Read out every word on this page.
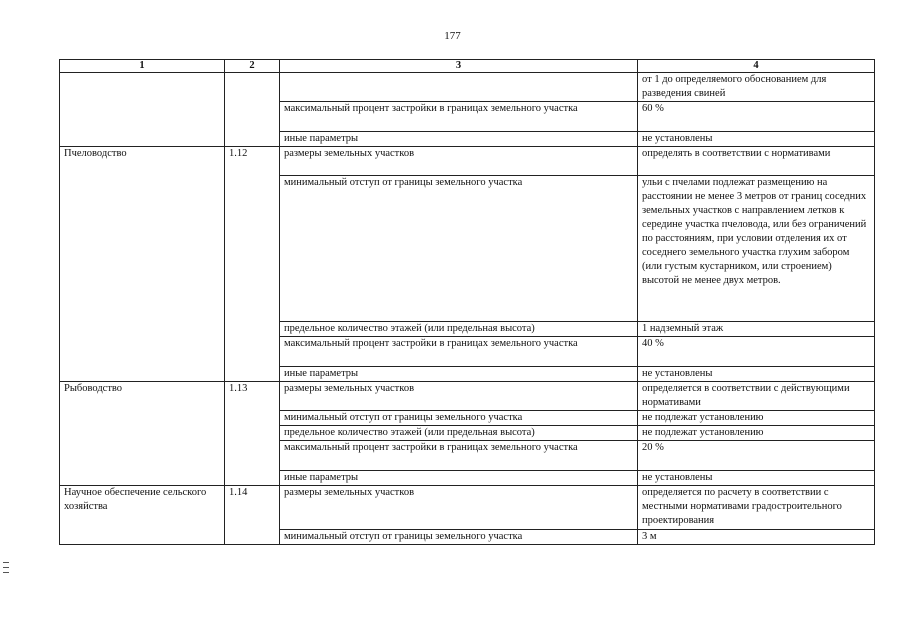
177
1	2	3	4
			от 1 до определяемого обоснованием для разведения свиней
		максимальный процент застройки в границах земельного участка	60 %
		иные параметры	не установлены
Пчеловодство	1.12	размеры земельных участков	определять в соответствии с нормативами
		минимальный отступ от границы земельного участка	ульи с пчелами подлежат размещению на расстоянии не менее 3 метров от границ соседних земельных участков с направлением летков к середине участка пчеловода, или без ограничений по расстояниям, при условии отделения их от соседнего земельного участка глухим забором (или густым кустарником, или строением) высотой не менее двух метров.
		предельное количество этажей (или предельная высота)	1 надземный этаж
		максимальный процент застройки в границах земельного участка	40 %
		иные параметры	не установлены
Рыбоводство	1.13	размеры земельных участков	определяется в соответствии с действующими нормативами
		минимальный отступ от границы земельного участка	не подлежат установлению
		предельное количество этажей (или предельная высота)	не подлежат установлению
		максимальный процент застройки в границах земельного участка	20 %
		иные параметры	не установлены
Научное обеспечение сельского хозяйства	1.14	размеры земельных участков	определяется по расчету в соответствии с местными нормативами градостроительного проектирования
		минимальный отступ от границы земельного участка	3 м
